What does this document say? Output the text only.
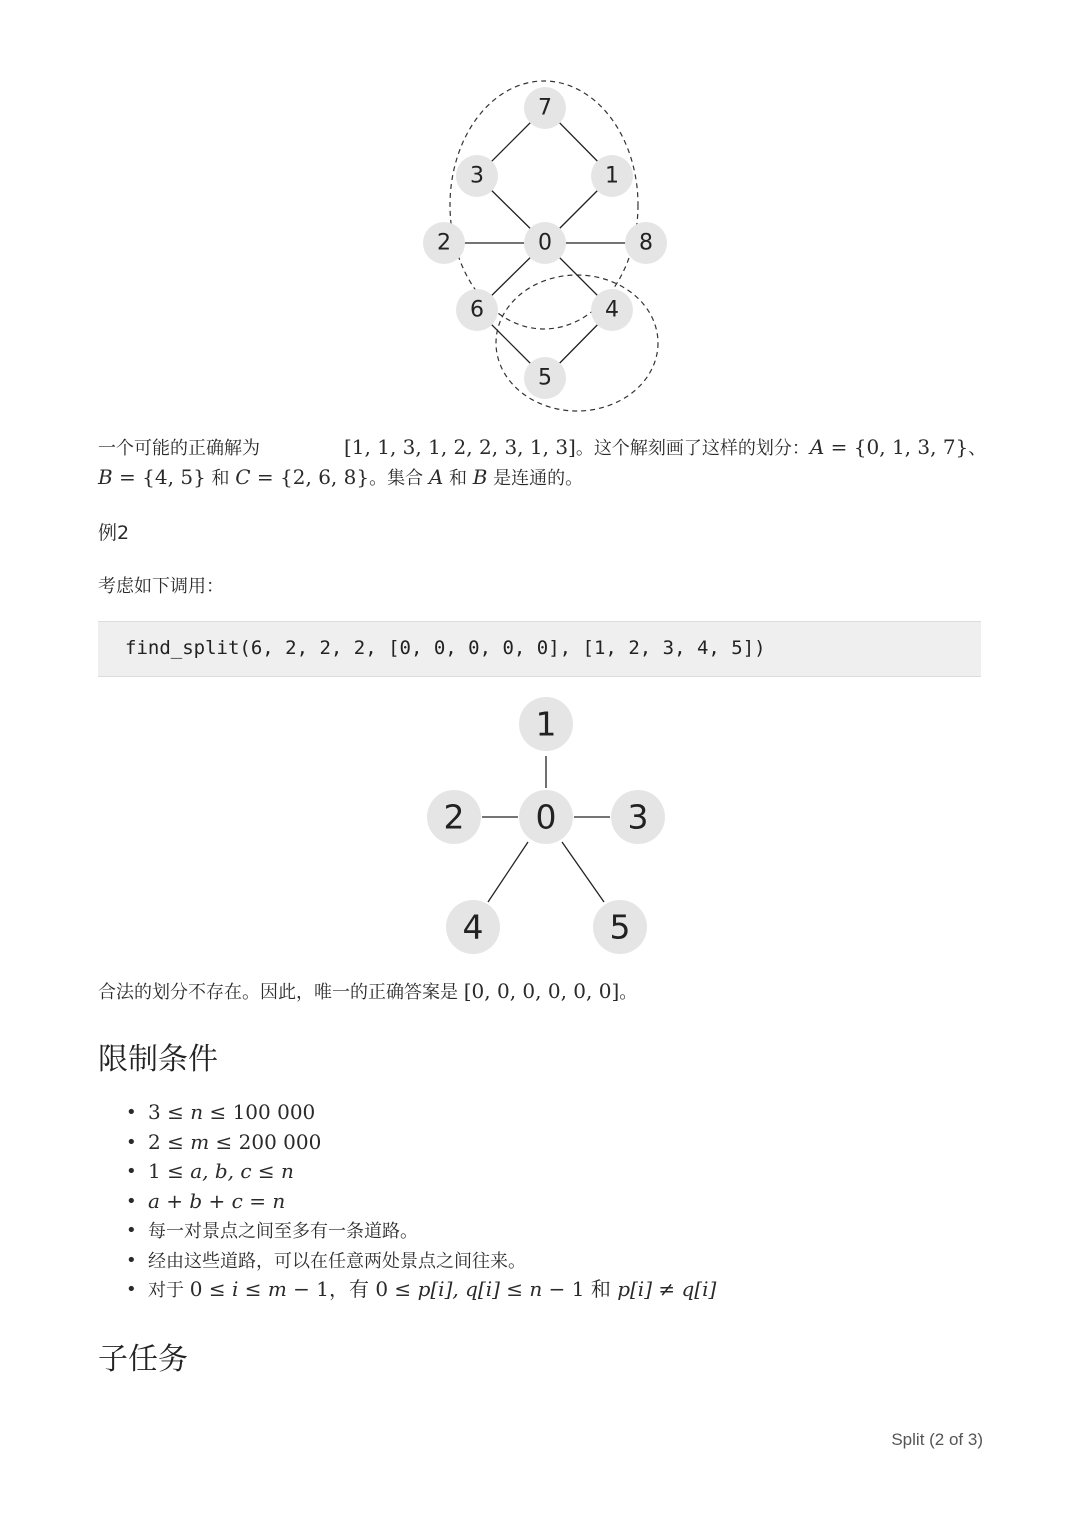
7
3	1
2	0	8
6	4
5
一个可能的正确解为	[1, 1, 3, 1, 2, 2, 3, 1, 3]。这个解刻画了这样的划分：A = {0, 1, 3, 7}、
B = {4, 5} 和 C = {2, 6, 8}。集合 A 和 B 是连通的。
例2
考虑如下调用：
find_split(6, 2, 2, 2, [0, 0, 0, 0, 0], [1, 2, 3, 4, 5])
1
2 0 3
4	5
合法的划分不存在。因此，唯一的正确答案是 [0, 0, 0, 0, 0, 0]。
限制条件
• 3 ≤ n ≤ 100 000
• 2 ≤ m ≤ 200 000
• 1 ≤ a, b, c ≤ n
• a + b + c = n
• 每一对景点之间至多有一条道路。
• 经由这些道路，可以在任意两处景点之间往来。
• 对于 0 ≤ i ≤ m − 1，有 0 ≤ p[i], q[i] ≤ n − 1 和 p[i] ≠ q[i]
子任务
Split (2 of 3)
